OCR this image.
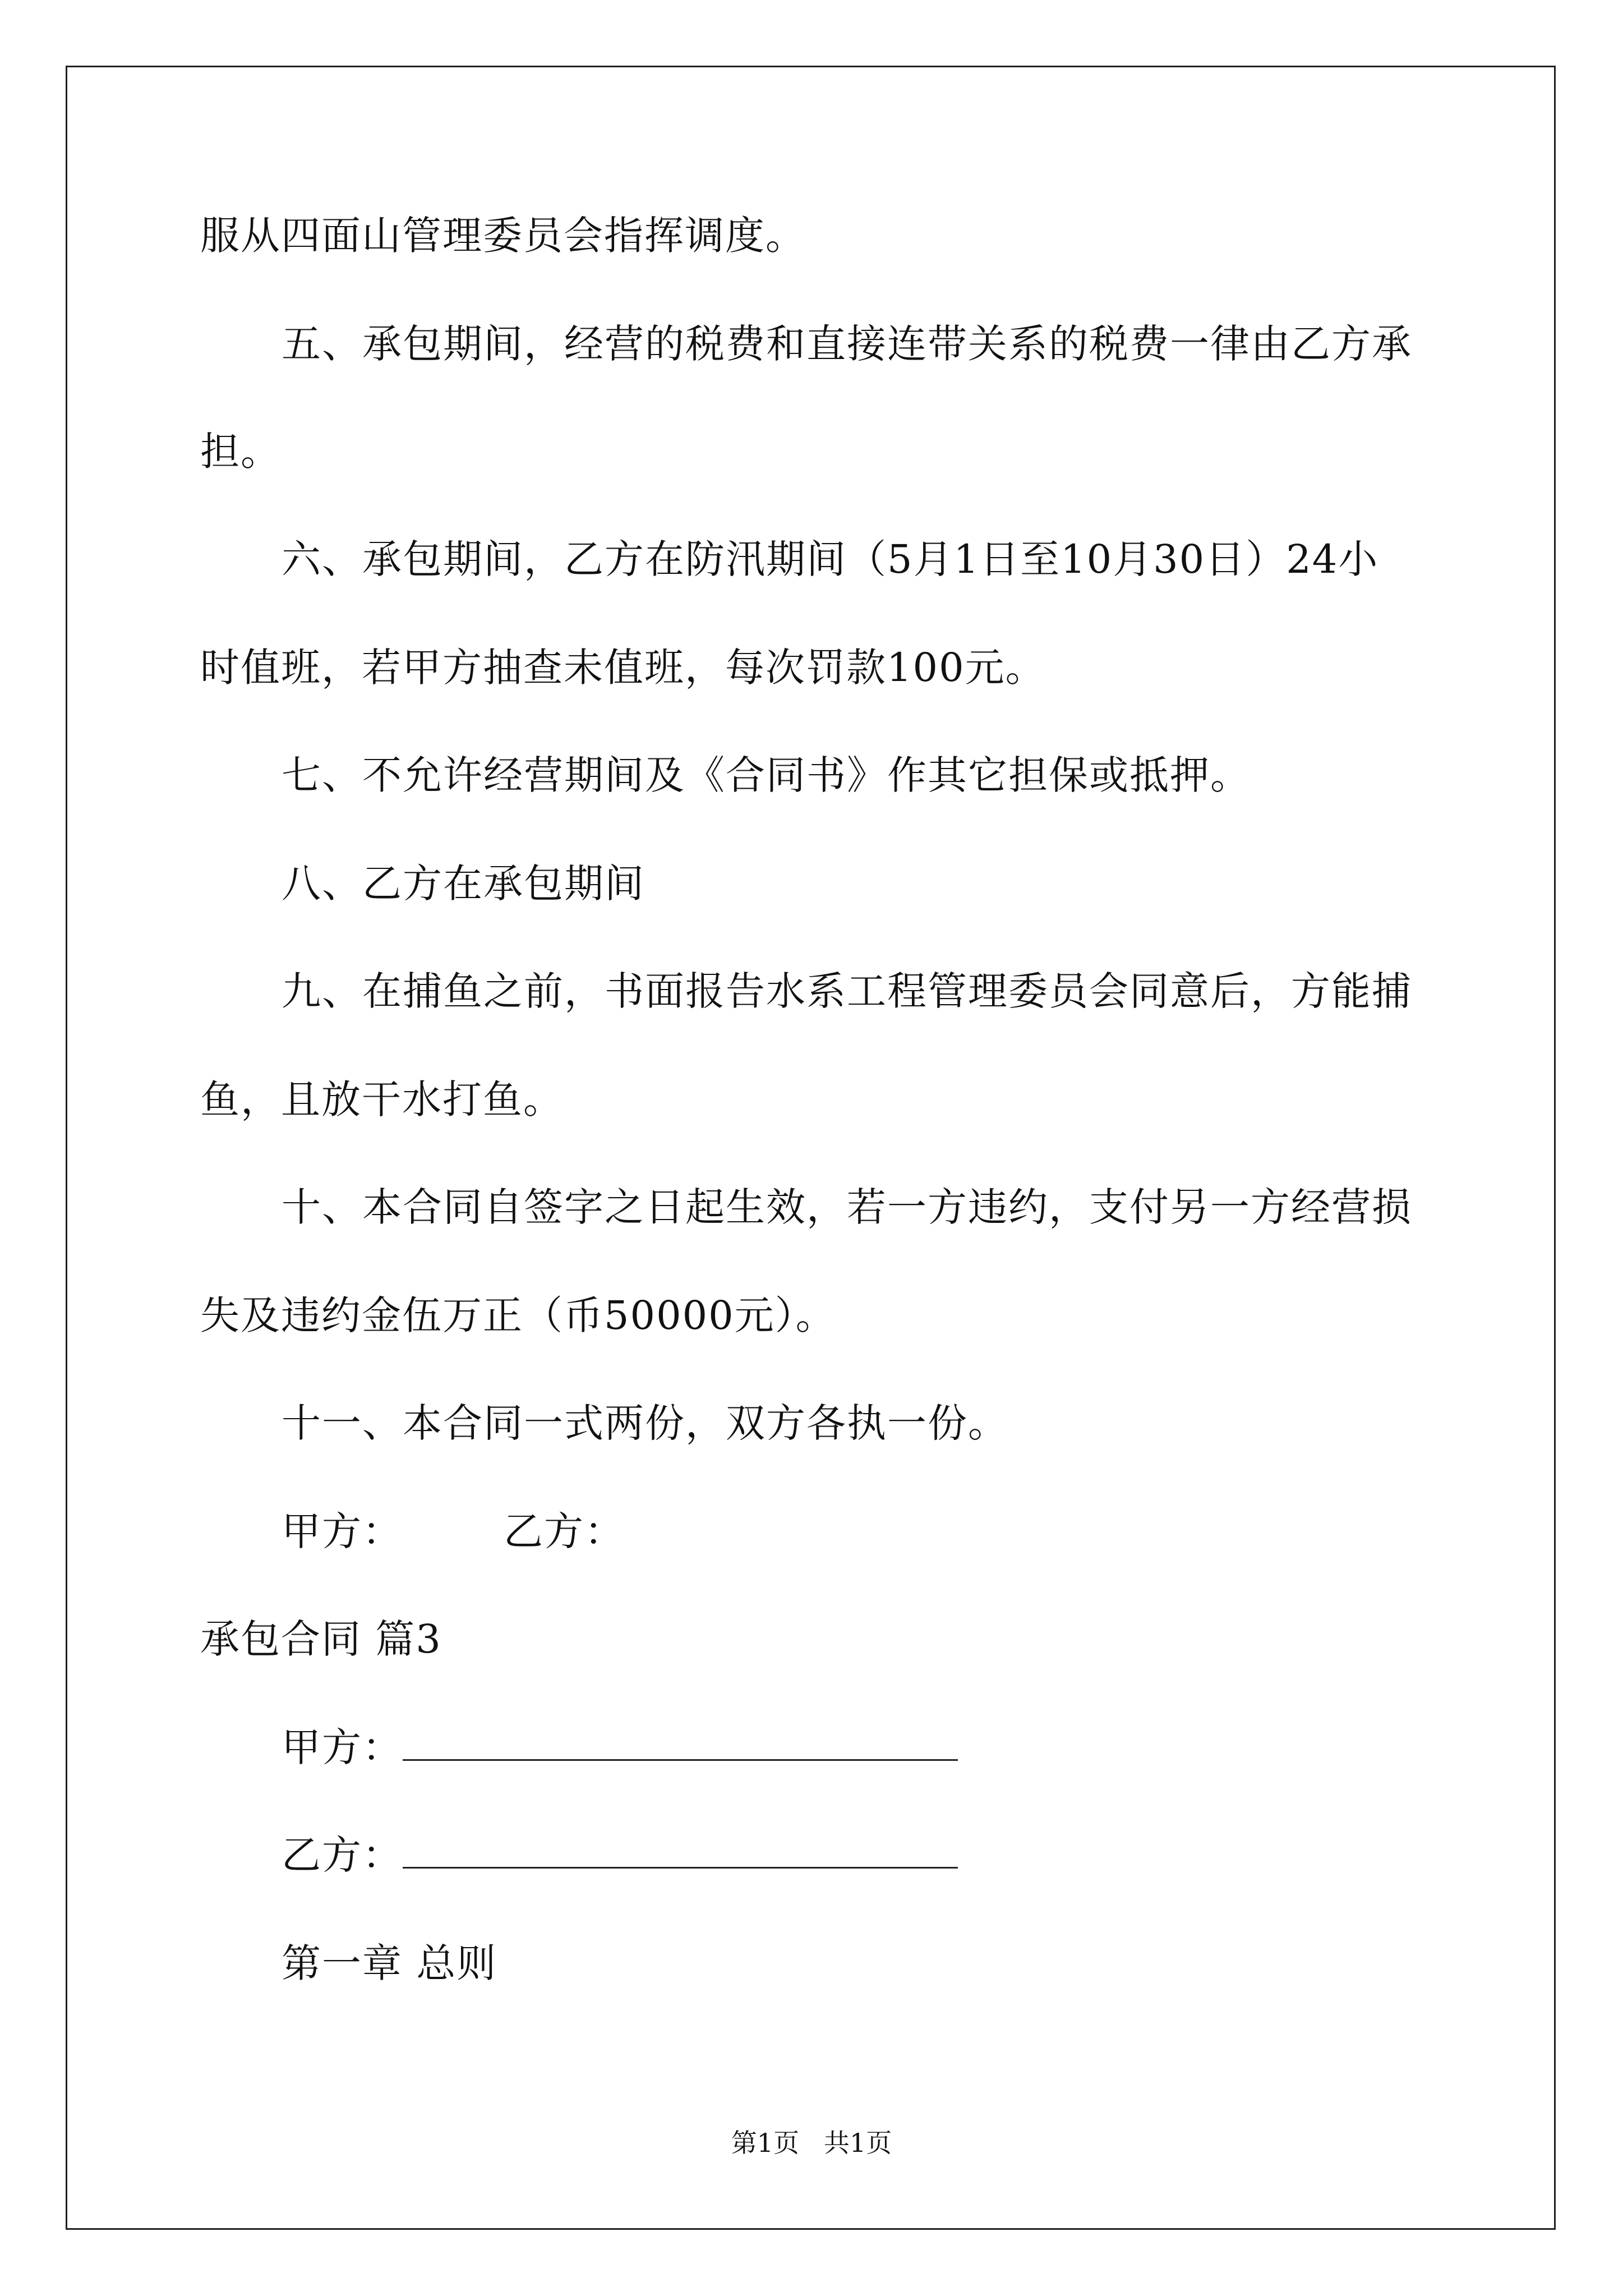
服从四面山管理委员会指挥调度。
五、承包期间，经营的税费和直接连带关系的税费一律由乙方承
担。
六、承包期间，乙方在防汛期间（5月1日至10月30日）24小
时值班，若甲方抽查未值班，每次罚款100元。
七、不允许经营期间及《合同书》作其它担保或抵押。
八、乙方在承包期间
九、在捕鱼之前，书面报告水系工程管理委员会同意后，方能捕
鱼，且放干水打鱼。
十、本合同自签字之日起生效，若一方违约，支付另一方经营损
失及违约金伍万正（币50000元）。
十一、本合同一式两份，双方各执一份。
甲方：	乙方：
承包合同 篇3
甲方：
乙方：
第一章 总则
第1页   共1页
